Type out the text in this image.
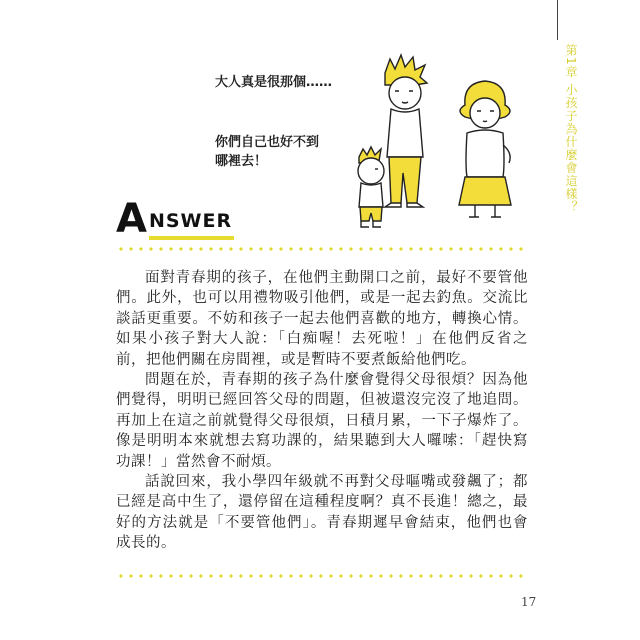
第1章 小孩子為什麼會這樣？
大人真是很那個……
你們自己也好不到
哪裡去！
A NSWER

面對青春期的孩子，在他們主動開口之前，最好不要管他們。此外，也可以用禮物吸引他們，或是一起去釣魚。交流比談話更重要。不妨和孩子一起去他們喜歡的地方，轉換心情。如果小孩子對大人說：「白痴喔！去死啦！」在他們反省之前，把他們關在房間裡，或是暫時不要煮飯給他們吃。

問題在於，青春期的孩子為什麼會覺得父母很煩？因為他們覺得，明明已經回答父母的問題，但被還沒完沒了地追問。再加上在這之前就覺得父母很煩，日積月累，一下子爆炸了。像是明明本來就想去寫功課的，結果聽到大人囉嗦：「趕快寫功課！」當然會不耐煩。

話說回來，我小學四年級就不再對父母嘔嘴或發飆了；都已經是高中生了，還停留在這種程度啊？真不長進！總之，最好的方法就是「不要管他們」。青春期遲早會結束，他們也會成長的。

17
